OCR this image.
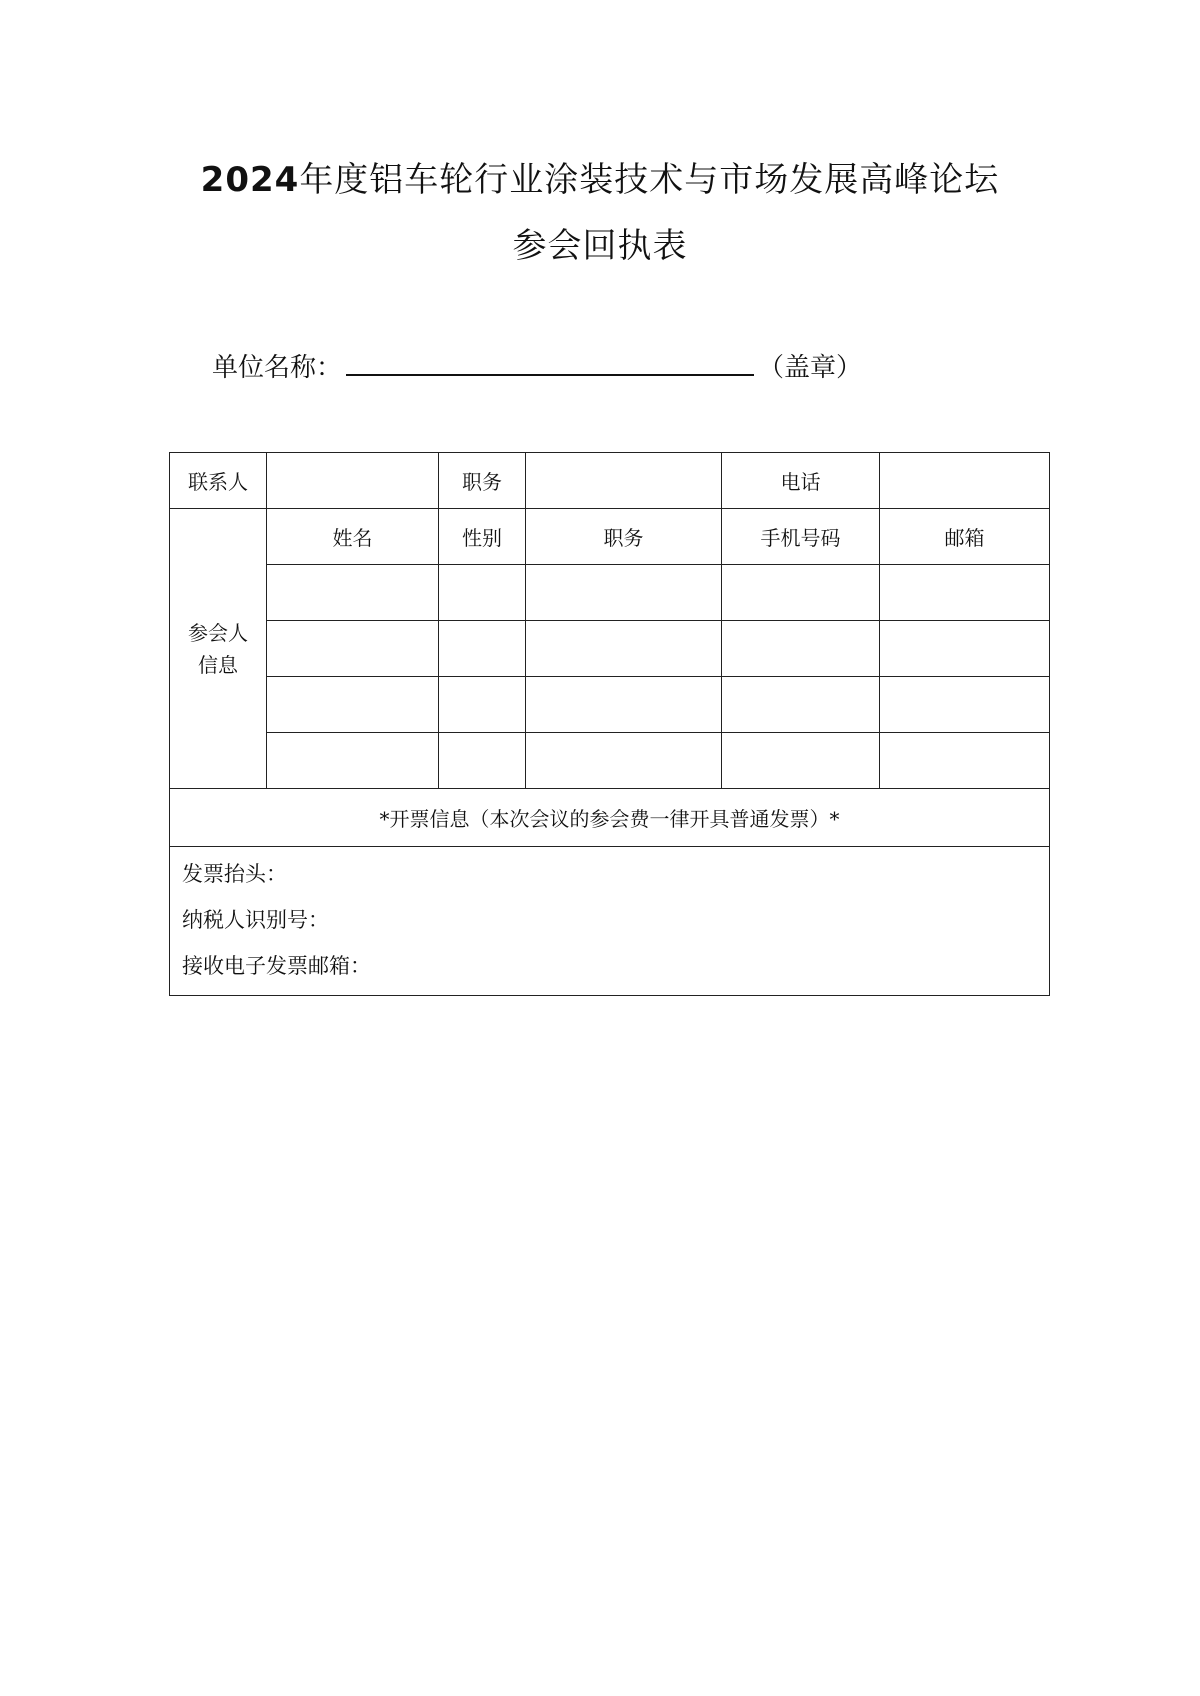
2024年度铝车轮行业涂装技术与市场发展高峰论坛
参会回执表
单位名称：	（盖章）
联系人		职务		电话	
参会人
信息	姓名	性别	职务	手机号码	邮箱

*开票信息（本次会议的参会费一律开具普通发票）*					

发票抬头：
纳税人识别号：
接收电子发票邮箱：					
